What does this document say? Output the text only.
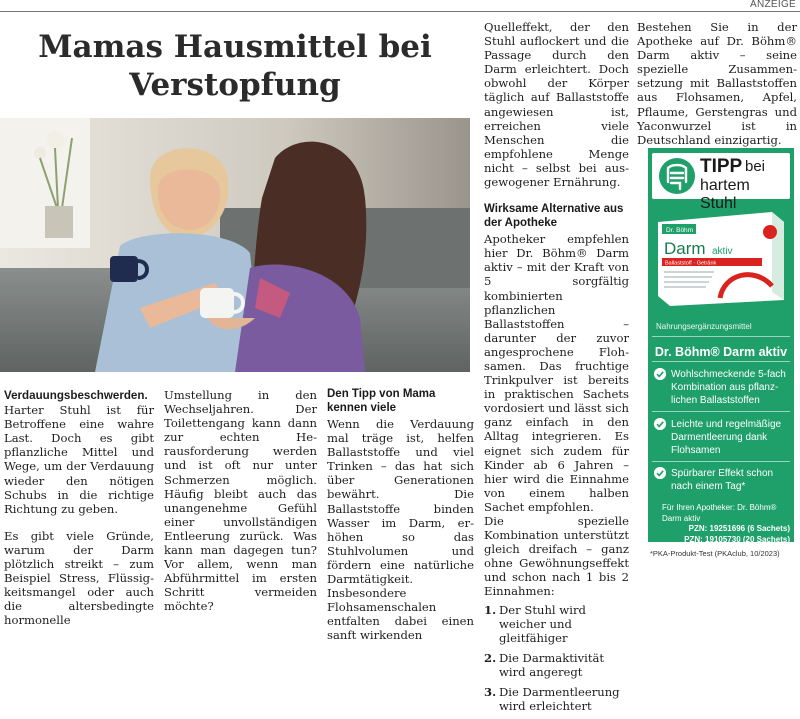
ANZEIGE
Mamas Hausmittel bei
Verstopfung

Verdauungsbeschwerden.
Harter Stuhl ist für Betroffene eine wahre Last. Doch es gibt pflanzliche Mittel und Wege, um der Verdauung wieder den nötigen Schubs in die richtige Richtung zu geben.

Es gibt viele Gründe, warum der Darm plötzlich streikt – zum Beispiel Stress, Flüssigkeitsmangel oder auch die altersbedingte hormonelle

Umstellung in den Wechseljahren. Der Toilettengang kann dann zur echten Herausforderung werden und ist oft nur unter Schmerzen möglich. Häufig bleibt auch das unangenehme Gefühl einer unvollständigen Entleerung zurück. Was kann man dagegen tun? Vor allem, wenn man Abführmittel im ersten Schritt vermeiden möchte?

Den Tipp von Mama kennen viele

Wenn die Verdauung mal träge ist, helfen Ballaststoffe und viel Trinken – das hat sich über Generationen bewährt. Die Ballaststoffe binden Wasser im Darm, erhöhen so das Stuhlvolumen und fördern eine natürliche Darmtätigkeit. Insbesondere Flohsamenschalen entfalten dabei einen sanft wirkenden

Quelleffekt, der den Stuhl auflockert und die Passage durch den Darm erleichtert. Doch obwohl der Körper täglich auf Ballaststoffe angewiesen ist, erreichen viele Menschen die empfohlene Menge nicht – selbst bei ausgewogener Ernährung.

Wirksame Alternative aus der Apotheke

Apotheker empfehlen hier Dr. Böhm® Darm aktiv – mit der Kraft von 5 sorgfältig kombinierten pflanzlichen Ballaststoffen – darunter der zuvor angesprochene Flohsamen. Das fruchtige Trinkpulver ist bereits in praktischen Sachets vordosiert und lässt sich ganz einfach in den Alltag integrieren. Es eignet sich zudem für Kinder ab 6 Jahren – hier wird die Einnahme von einem halben Sachet empfohlen.

Die spezielle Kombination unterstützt gleich dreifach – ganz ohne Gewöhnungseffekt und schon nach 1 bis 2 Einnahmen:

1. Der Stuhl wird weicher und gleitfähiger
2. Die Darmaktivität wird angeregt
3. Die Darmentleerung wird erleichtert

Bestehen Sie in der Apotheke auf Dr. Böhm® Darm aktiv – seine spezielle Zusammensetzung mit Ballaststoffen aus Flohsamen, Apfel, Pflaume, Gerstengras und Yaconwurzel ist in Deutschland einzigartig.

TIPP bei
hartem Stuhl
Dr. Böhm
Darm aktiv
Ballaststoff · Getränk
Nahrungsergänzungsmittel
Dr. Böhm® Darm aktiv
Wohlschmeckende 5-fach Kombination aus pflanzlichen Ballaststoffen
Leichte und regelmäßige Darmentleerung dank Flohsamen
Spürbarer Effekt schon nach einem Tag*
Für Ihren Apotheker: Dr. Böhm® Darm aktiv
PZN: 19251696 (6 Sachets)
PZN: 19105730 (20 Sachets)
*PKA-Produkt-Test (PKAclub, 10/2023)
